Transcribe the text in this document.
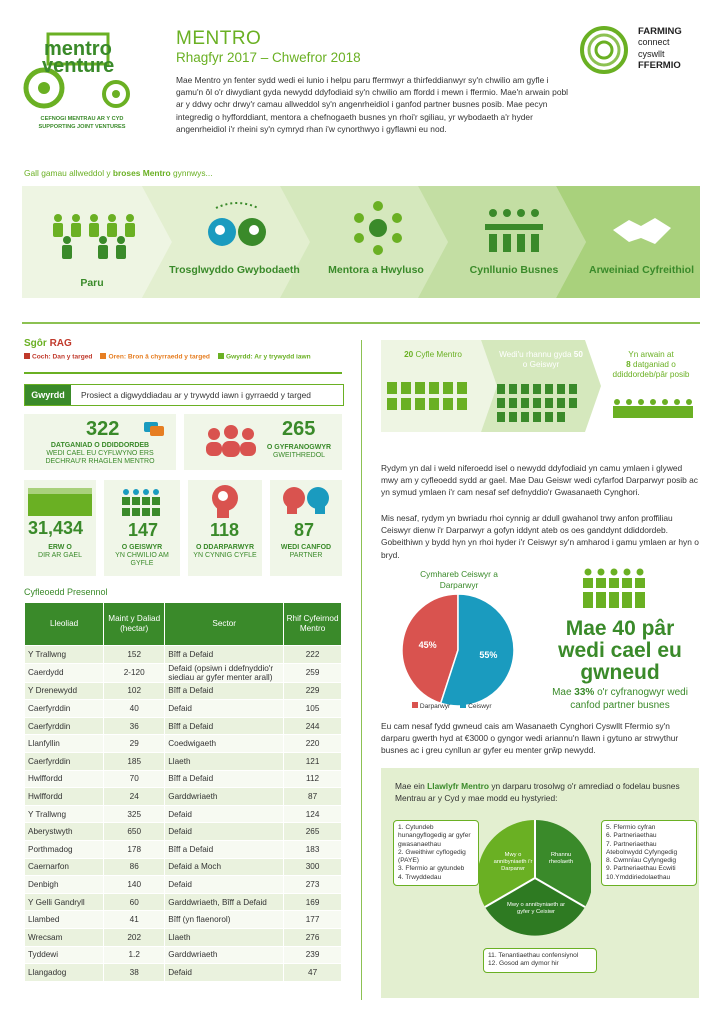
mentro
venture
CEFNOGI MENTRAU AR Y CYD
SUPPORTING JOINT VENTURES
MENTRO
Rhagfyr 2017 – Chwefror 2018
Mae Mentro yn fenter sydd wedi ei lunio i helpu paru ffermwyr a thirfeddianwyr sy'n chwilio am gyfle i gamu'n ôl o'r diwydiant gyda newydd ddyfodiaid sy'n chwilio am ffordd i mewn i ffermio. Mae'n arwain pobl ar y ddwy ochr drwy'r camau allweddol sy'n angenrheidiol i ganfod partner busnes posib. Mae pecyn integredig o hyfforddiant, mentora a chefnogaeth busnes yn rhoi'r sgiliau, yr wybodaeth a'r hyder angenrheidiol i'r rheini sy'n cymryd rhan i'w cynorthwyo i gyflawni eu nod.
FARMING
connect
cyswllt
FFERMIO
Gall gamau allweddol y broses Mentro gynnwys...
Paru
Trosglwyddo Gwybodaeth	Mentora a Hwyluso	Cynllunio Busnes	Arweiniad Cyfreithiol
Sgôr RAG
Coch: Dan y targed	Oren: Bron â chyrraedd y targed	Gwyrdd: Ar y trywydd iawn
Gwyrdd	Prosiect a digwyddiadau ar y trywydd iawn i gyrraedd y targed
322
DATGANIAD O DDIDDORDEB
WEDI CAEL EU CYFLWYNO ERS DECHRAU'R RHAGLEN MENTRO
265
O GYFRANOGWYR
GWEITHREDOL
31,434
ERW O
DIR AR GAEL
147
O GEISWYR
YN CHWILIO AM GYFLE
118
O DDARPARWYR
YN CYNNIG CYFLE
87
WEDI CANFOD
PARTNER
Cyfleoedd Presennol
Lleoliad	Maint y Daliad (hectar)	Sector	Rhif Cyfeirnod Mentro
Y Trallwng	152	Bîff a Defaid	222
Caerdydd	2-120	Defaid (opsiwn i ddefnyddio'r siediau ar gyfer menter arall)	259
Y Drenewydd	102	Bîff a Defaid	229
Caerfyrddin	40	Defaid	105
Caerfyrddin	36	Bîff a Defaid	244
Llanfyllin	29	Coedwigaeth	220
Caerfyrddin	185	Llaeth	121
Hwlffordd	70	Bîff a Defaid	112
Hwlffordd	24	Garddwriaeth	87
Y Trallwng	325	Defaid	124
Aberystwyth	650	Defaid	265
Porthmadog	178	Bîff a Defaid	183
Caernarfon	86	Defaid a Moch	300
Denbigh	140	Defaid	273
Y Gelli Gandryll	60	Garddwriaeth, Bîff a Defaid	169
Llambed	41	Bîff (yn flaenorol)	177
Wrecsam	202	Llaeth	276
Tyddewi	1.2	Garddwriaeth	239
Llangadog	38	Defaid	47
20 Cyfle Mentro	Wedi'u rhannu gyda 50 o Geiswyr
Yn arwain at
8 datganiad o ddiddordeb/pâr posib
Rydym yn dal i weld niferoedd isel o newydd ddyfodiaid yn camu ymlaen i glywed mwy am y cyfleoedd sydd ar gael. Mae Dau Geiswr wedi cyfarfod Darparwyr posib ac yn symud ymlaen i'r cam nesaf sef defnyddio'r Gwasanaeth Cynghori.
Mis nesaf, rydym yn bwriadu rhoi cynnig ar ddull gwahanol trwy anfon proffiliau Ceiswyr dienw i'r Darparwyr a gofyn iddynt ateb os oes ganddynt ddiddordeb. Gobeithiwn y bydd hyn yn rhoi hyder i'r Ceiswyr sy'n amharod i gamu ymlaen ar hyn o bryd.
Cymhareb Ceiswyr a Darparwyr
45%
55%
Darparwyr	Ceiswyr
Mae 40 pâr
wedi cael eu
gwneud
Mae 33% o'r cyfranogwyr wedi canfod partner busnes
Eu cam nesaf fydd gwneud cais am Wasanaeth Cynghori Cyswllt Ffermio sy'n darparu gwerth hyd at €3000 o gyngor wedi ariannu'n llawn i gytuno ar strwythur busnes ac i greu cynllun ar gyfer eu menter grŵp newydd.
Mae ein Llawlyfr Mentro yn darparu trosolwg o'r amrediad o fodelau busnes Mentrau ar y Cyd y mae modd eu hystyried:
Mwy o annibyniaeth i'r Darparwr
Rhannu rheolaeth
Mwy o annibyniaeth ar gyfer y Ceisiwr
1. Cytundeb hunangyflogedig ar gyfer gwasanaethau
2. Gweithiwr cyflogedig (PAYE)
3. Ffermio ar gytundeb
4. Trwyddedau
5. Ffermio cyfran
6. Partneriaethau
7. Partneriaethau Atebolrwydd Cyfyngedig
8. Cwmnïau Cyfyngedig
9. Partneriaethau Ecwiti
10.Ymddiriedolaethau
11. Tenantiaethau confensiynol
12. Gosod am dymor hir
